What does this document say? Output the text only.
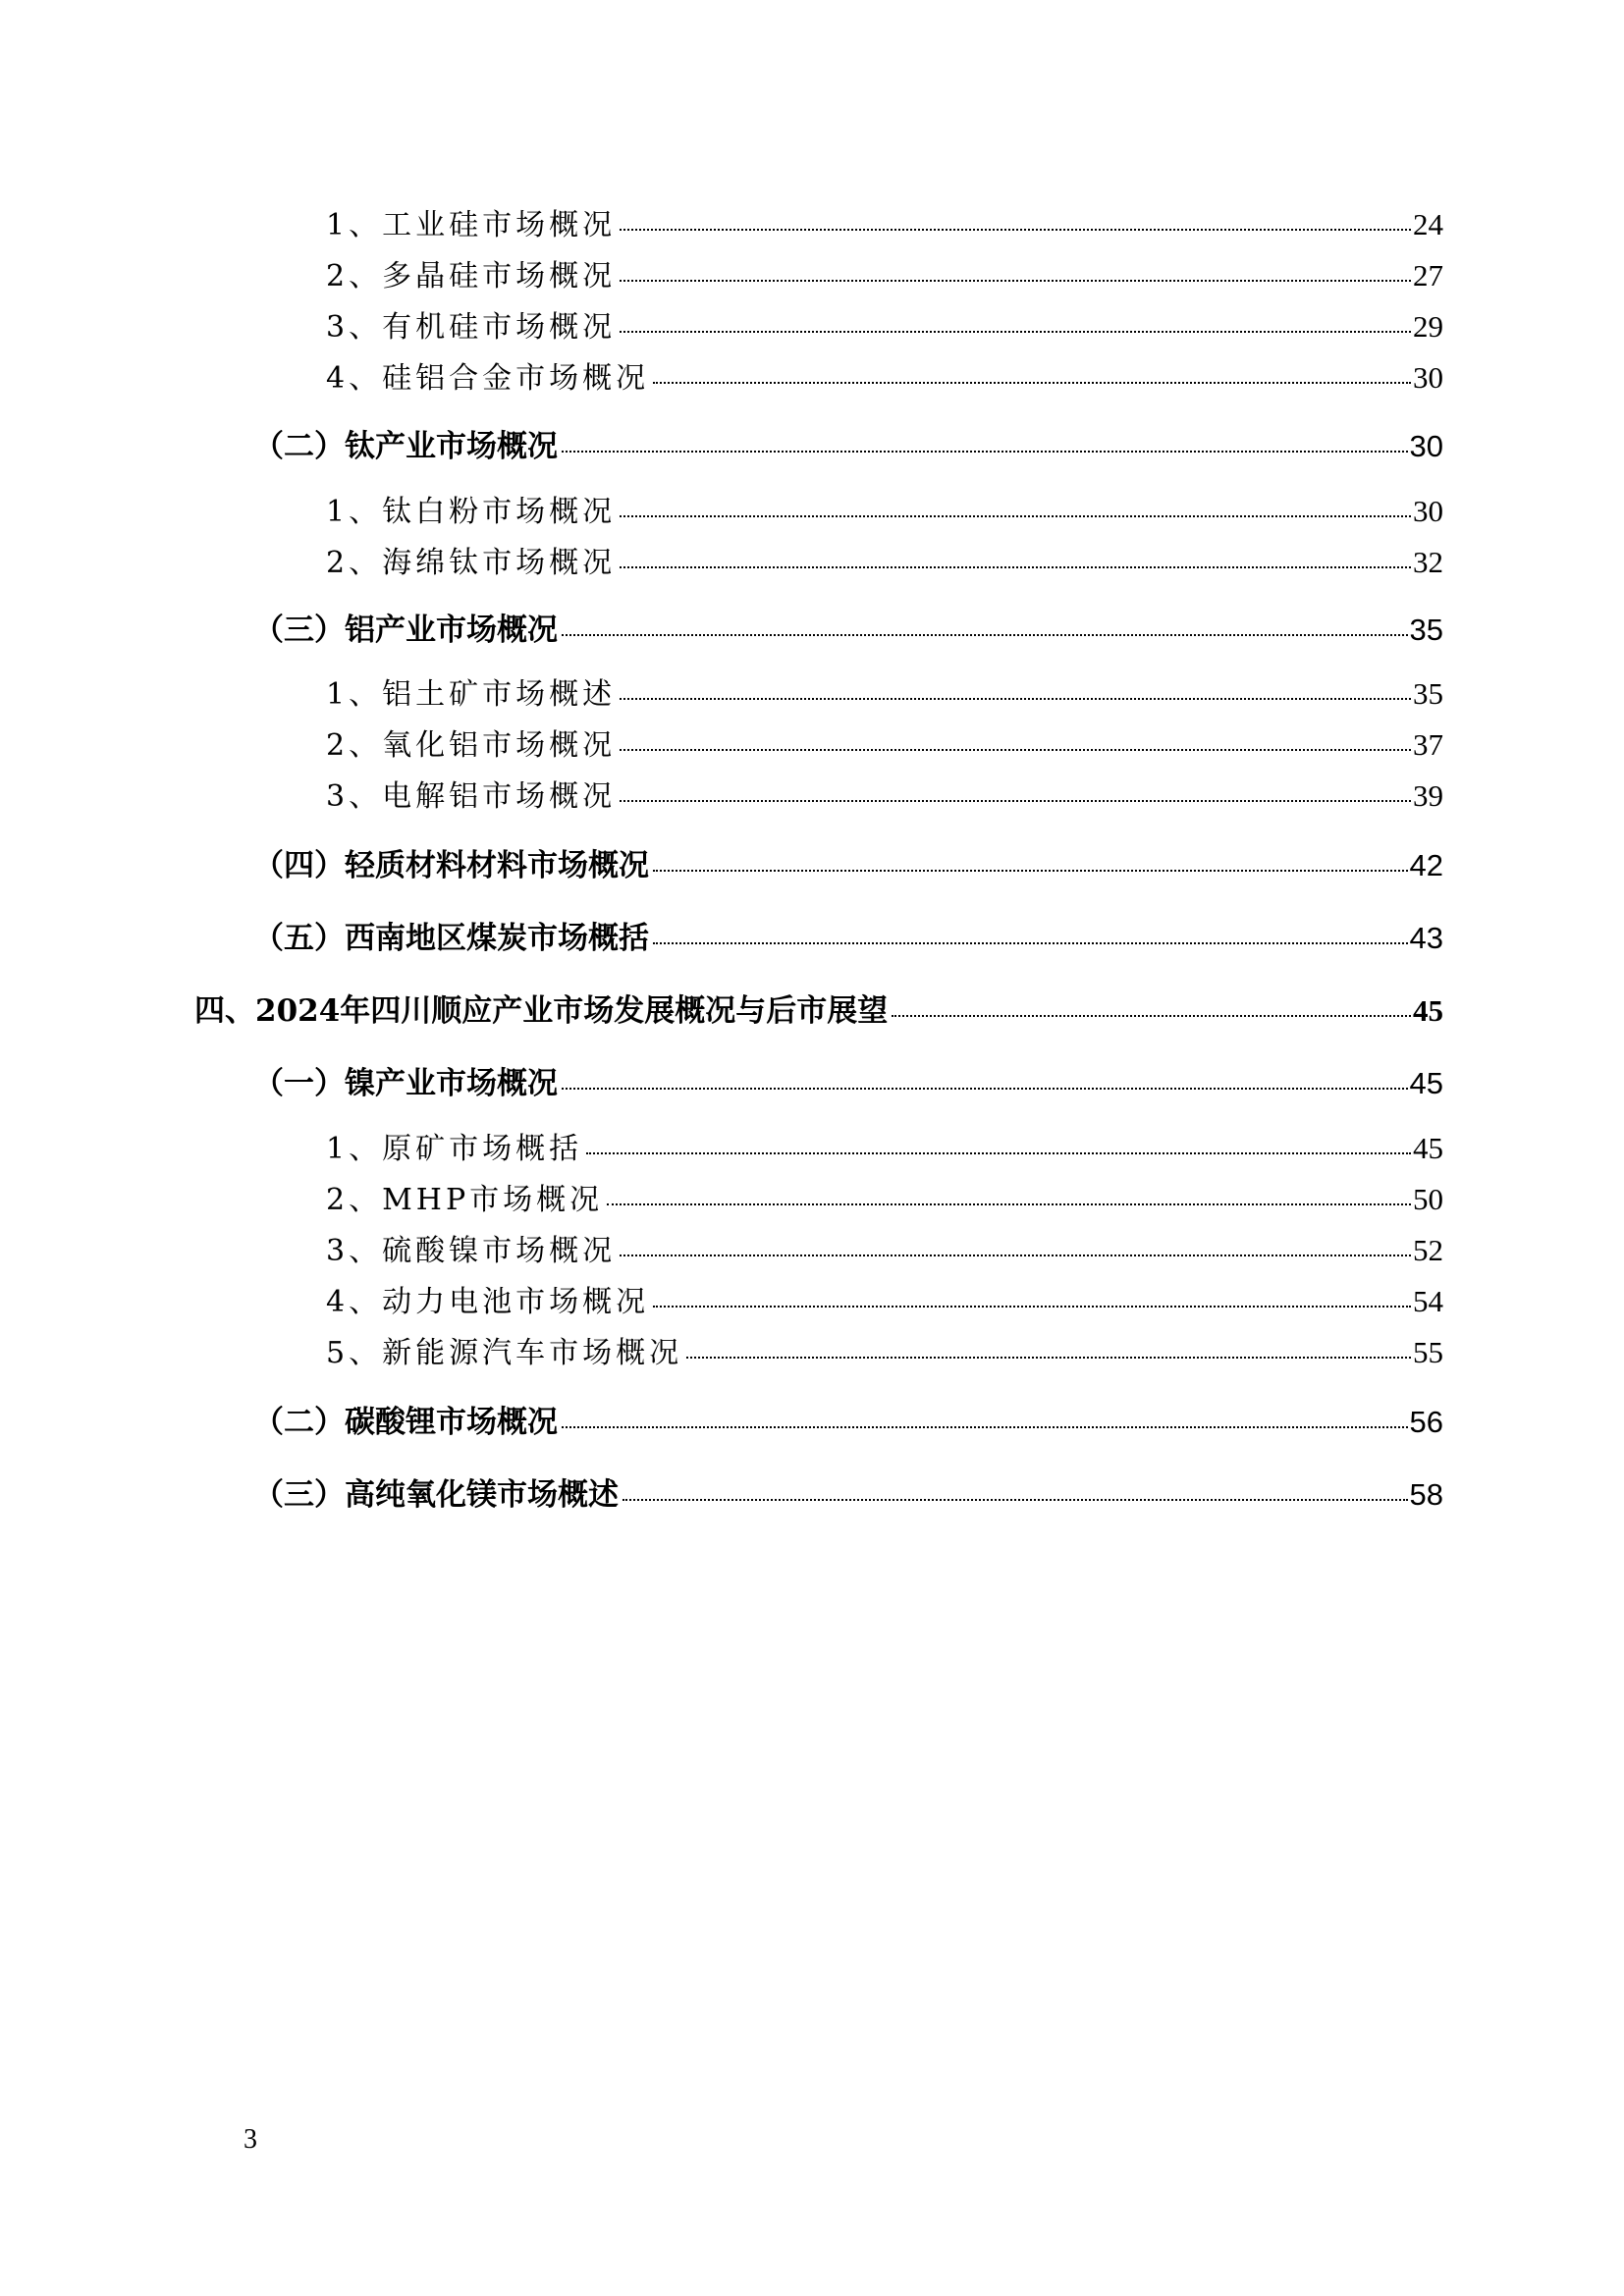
1、工业硅市场概况	24
2、多晶硅市场概况	27
3、有机硅市场概况	29
4、硅铝合金市场概况	30
（二）钛产业市场概况	30
1、钛白粉市场概况	30
2、海绵钛市场概况	32
（三）铝产业市场概况	35
1、铝土矿市场概述	35
2、氧化铝市场概况	37
3、电解铝市场概况	39
（四）轻质材料材料市场概况	42
（五）西南地区煤炭市场概括	43
四、2024年四川顺应产业市场发展概况与后市展望	45
（一）镍产业市场概况	45
1、原矿市场概括	45
2、MHP市场概况	50
3、硫酸镍市场概况	52
4、动力电池市场概况	54
5、新能源汽车市场概况	55
（二）碳酸锂市场概况	56
（三）高纯氧化镁市场概述	58
3
